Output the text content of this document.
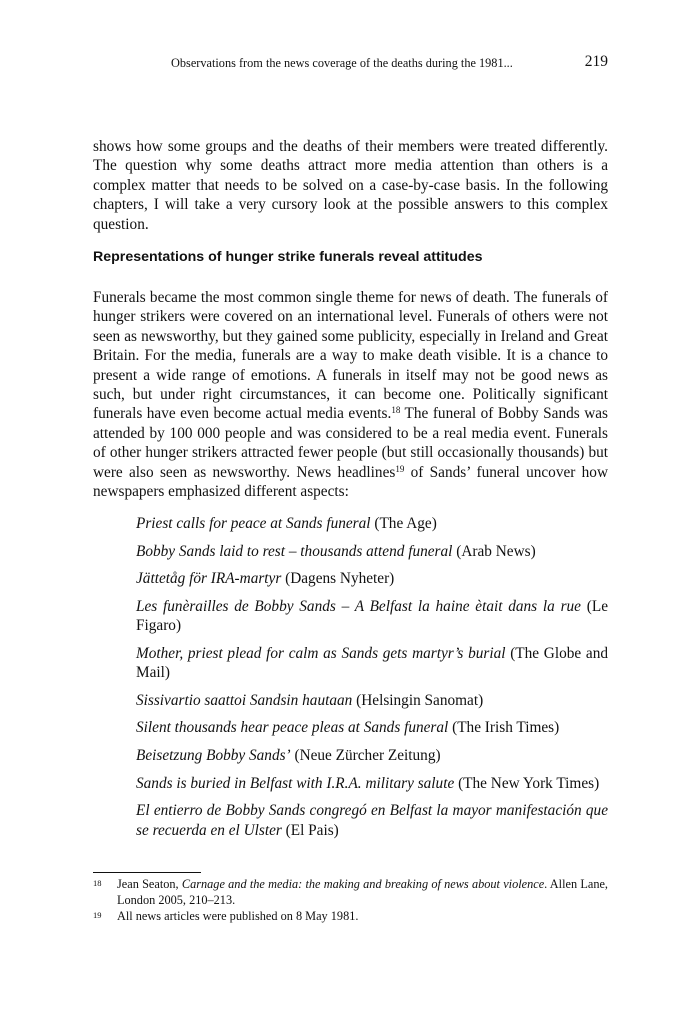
Observations from the news coverage of the deaths during the 1981...	219

shows how some groups and the deaths of their members were treated differently. The question why some deaths attract more media attention than others is a complex matter that needs to be solved on a case-by-case basis. In the following chapters, I will take a very cursory look at the possible answers to this complex question.

Representations of hunger strike funerals reveal attitudes

Funerals became the most common single theme for news of death. The funerals of hunger strikers were covered on an international level. Funerals of others were not seen as newsworthy, but they gained some publicity, especially in Ireland and Great Britain. For the media, funerals are a way to make death visible. It is a chance to present a wide range of emotions. A funerals in itself may not be good news as such, but under right circumstances, it can become one. Politically significant funerals have even become actual media events.$^{18}$ The funeral of Bobby Sands was attended by 100 000 people and was considered to be a real media event. Funerals of other hunger strikers attracted fewer people (but still occasionally thousands) but were also seen as newsworthy. News headlines$^{19}$ of Sands’ funeral uncover how newspapers emphasized different aspects:

Priest calls for peace at Sands funeral (The Age)
Bobby Sands laid to rest – thousands attend funeral (Arab News)
Jättetåg för IRA-martyr (Dagens Nyheter)
Les funèrailles de Bobby Sands – A Belfast la haine ètait dans la rue (Le Figaro)
Mother, priest plead for calm as Sands gets martyr’s burial (The Globe and Mail)
Sissivartio saattoi Sandsin hautaan (Helsingin Sanomat)
Silent thousands hear peace pleas at Sands funeral (The Irish Times)
Beisetzung Bobby Sands’ (Neue Zürcher Zeitung)
Sands is buried in Belfast with I.R.A. military salute (The New York Times)
El entierro de Bobby Sands congregó en Belfast la mayor manifestación que se recuerda en el Ulster (El Pais)
18 Jean Seaton, Carnage and the media: the making and breaking of news about violence. Allen Lane, London 2005, 210–213.
19 All news articles were published on 8 May 1981.
